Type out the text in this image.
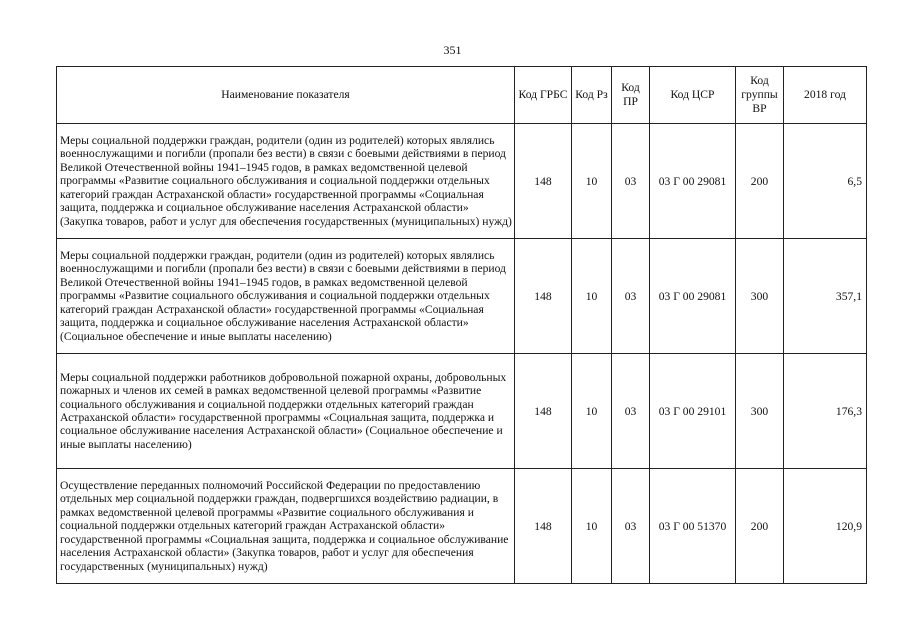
351
Наименование показателя	Код ГРБС	Код Рз	Код ПР	Код ЦСР	Код группы ВР	2018 год
Меры социальной поддержки граждан, родители (один из родителей) которых являлись военнослужащими и погибли (пропали без вести) в связи с боевыми действиями в период Великой Отечественной войны 1941–1945 годов, в рамках ведомственной целевой программы «Развитие социального обслуживания и социальной поддержки отдельных категорий граждан Астраханской области» государственной программы «Социальная защита, поддержка и социальное обслуживание населения Астраханской области» (Закупка товаров, работ и услуг для обеспечения государственных (муниципальных) нужд)	148	10	03	03 Г 00 29081	200	6,5
Меры социальной поддержки граждан, родители (один из родителей) которых являлись военнослужащими и погибли (пропали без вести) в связи с боевыми действиями в период Великой Отечественной войны 1941–1945 годов, в рамках ведомственной целевой программы «Развитие социального обслуживания и социальной поддержки отдельных категорий граждан Астраханской области» государственной программы «Социальная защита, поддержка и социальное обслуживание населения Астраханской области» (Социальное обеспечение и иные выплаты населению)	148	10	03	03 Г 00 29081	300	357,1
Меры социальной поддержки работников добровольной пожарной охраны, добровольных пожарных и членов их семей в рамках ведомственной целевой программы «Развитие социального обслуживания и социальной поддержки отдельных категорий граждан Астраханской области» государственной программы «Социальная защита, поддержка и социальное обслуживание населения Астраханской области» (Социальное обеспечение и иные выплаты населению)	148	10	03	03 Г 00 29101	300	176,3
Осуществление переданных полномочий Российской Федерации по предоставлению отдельных мер социальной поддержки граждан, подвергшихся воздействию радиации, в рамках ведомственной целевой программы «Развитие социального обслуживания и социальной поддержки отдельных категорий граждан Астраханской области» государственной программы «Социальная защита, поддержка и социальное обслуживание населения Астраханской области» (Закупка товаров, работ и услуг для обеспечения государственных (муниципальных) нужд)	148	10	03	03 Г 00 51370	200	120,9
